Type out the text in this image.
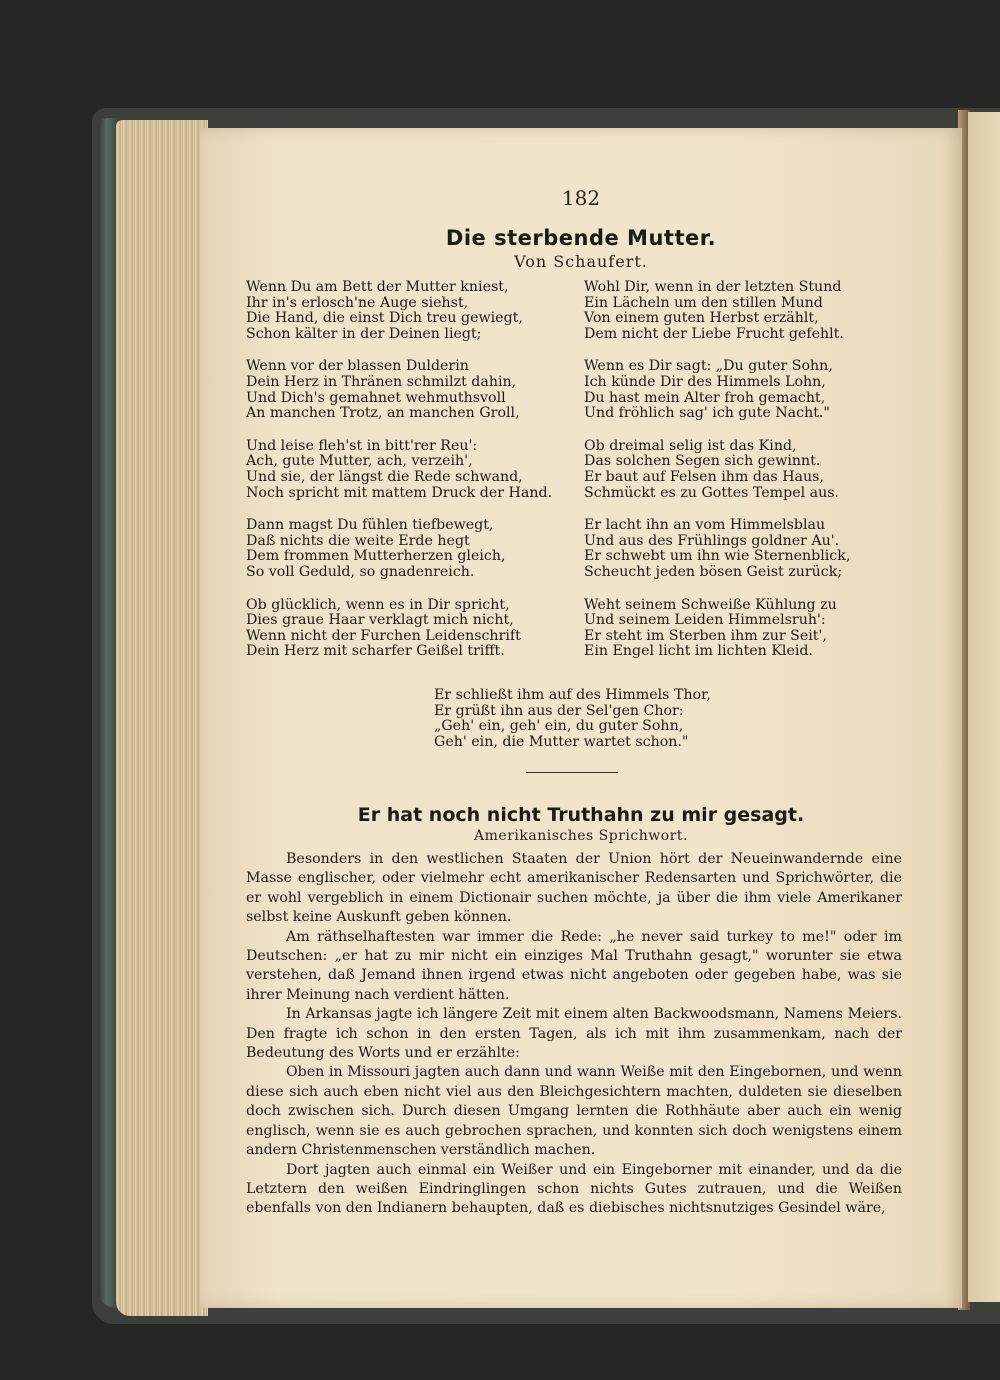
182
Die sterbende Mutter.
Von Schaufert.
Wenn Du am Bett der Mutter kniest,
Ihr in's erlosch'ne Auge siehst,
Die Hand, die einst Dich treu gewiegt,
Schon kälter in der Deinen liegt;
Wenn vor der blassen Dulderin
Dein Herz in Thränen schmilzt dahin,
Und Dich's gemahnet wehmuthsvoll
An manchen Trotz, an manchen Groll,
Und leise fleh'st in bitt'rer Reu':
Ach, gute Mutter, ach, verzeih',
Und sie, der längst die Rede schwand,
Noch spricht mit mattem Druck der Hand.
Dann magst Du fühlen tiefbewegt,
Daß nichts die weite Erde hegt
Dem frommen Mutterherzen gleich,
So voll Geduld, so gnadenreich.
Ob glücklich, wenn es in Dir spricht,
Dies graue Haar verklagt mich nicht,
Wenn nicht der Furchen Leidenschrift
Dein Herz mit scharfer Geißel trifft.
Wohl Dir, wenn in der letzten Stund
Ein Lächeln um den stillen Mund
Von einem guten Herbst erzählt,
Dem nicht der Liebe Frucht gefehlt.
Wenn es Dir sagt: „Du guter Sohn,
Ich künde Dir des Himmels Lohn,
Du hast mein Alter froh gemacht,
Und fröhlich sag' ich gute Nacht."
Ob dreimal selig ist das Kind,
Das solchen Segen sich gewinnt.
Er baut auf Felsen ihm das Haus,
Schmückt es zu Gottes Tempel aus.
Er lacht ihn an vom Himmelsblau
Und aus des Frühlings goldner Au'.
Er schwebt um ihn wie Sternenblick,
Scheucht jeden bösen Geist zurück;
Weht seinem Schweiße Kühlung zu
Und seinem Leiden Himmelsruh':
Er steht im Sterben ihm zur Seit',
Ein Engel licht im lichten Kleid.
Er schließt ihm auf des Himmels Thor,
Er grüßt ihn aus der Sel'gen Chor:
„Geh' ein, geh' ein, du guter Sohn,
Geh' ein, die Mutter wartet schon."
Er hat noch nicht Truthahn zu mir gesagt.
Amerikanisches Sprichwort.

Besonders in den westlichen Staaten der Union hört der Neueinwandernde eine Masse englischer, oder vielmehr echt amerikanischer Redensarten und Sprichwörter, die er wohl vergeblich in einem Dictionair suchen möchte, ja über die ihm viele Amerikaner selbst keine Auskunft geben können.

Am räthselhaftesten war immer die Rede: „he never said turkey to me!" oder im Deutschen: „er hat zu mir nicht ein einziges Mal Truthahn gesagt," worunter sie etwa verstehen, daß Jemand ihnen irgend etwas nicht angeboten oder gegeben habe, was sie ihrer Meinung nach verdient hätten.

In Arkansas jagte ich längere Zeit mit einem alten Backwoodsmann, Namens Meiers. Den fragte ich schon in den ersten Tagen, als ich mit ihm zusammenkam, nach der Bedeutung des Worts und er erzählte:

Oben in Missouri jagten auch dann und wann Weiße mit den Eingebornen, und wenn diese sich auch eben nicht viel aus den Bleichgesichtern machten, duldeten sie dieselben doch zwischen sich. Durch diesen Umgang lernten die Rothhäute aber auch ein wenig englisch, wenn sie es auch gebrochen sprachen, und konnten sich doch wenigstens einem andern Christenmenschen verständlich machen.

Dort jagten auch einmal ein Weißer und ein Eingeborner mit einander, und da die Letztern den weißen Eindringlingen schon nichts Gutes zutrauen, und die Weißen ebenfalls von den Indianern behaupten, daß es diebisches nichtsnutziges Gesindel wäre,
